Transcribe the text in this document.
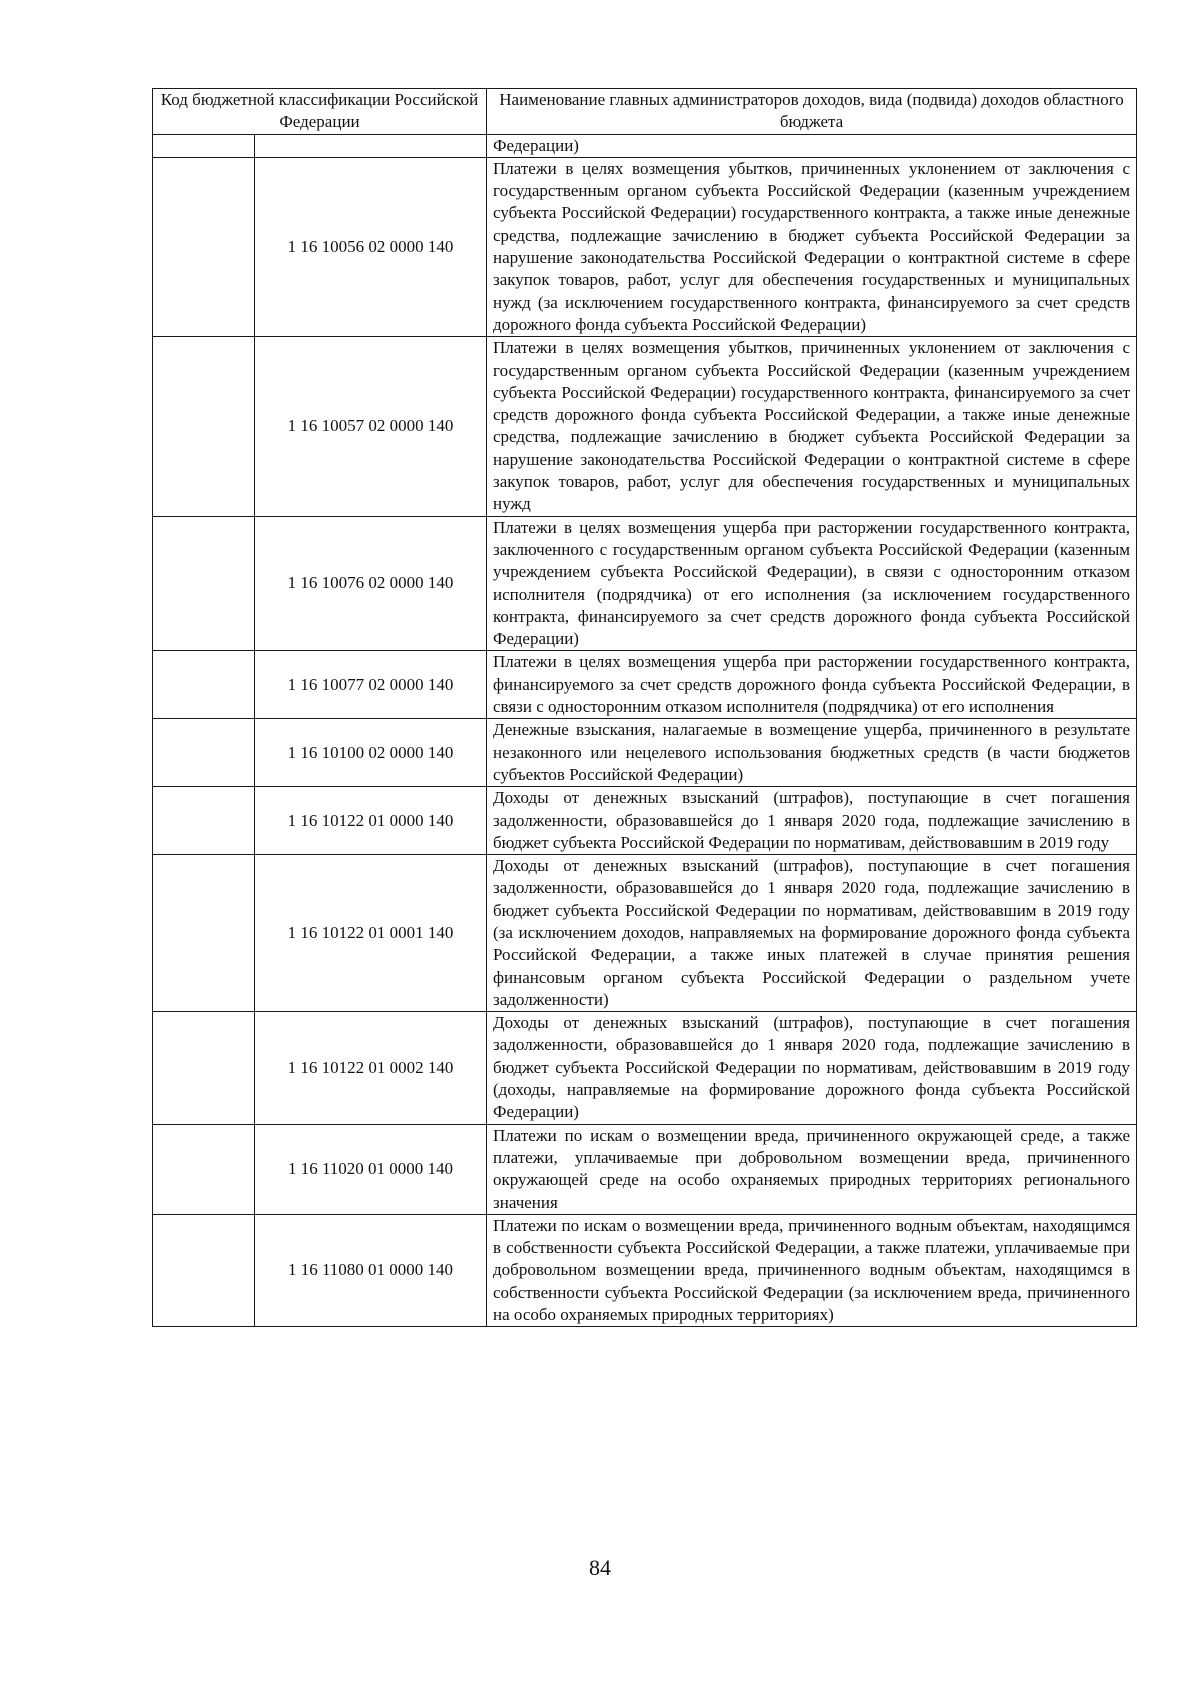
Код бюджетной классификации Российской Федерации		Наименование главных администраторов доходов, вида (подвида) доходов областного бюджета
		Федерации)
	1 16 10056 02 0000 140	Платежи в целях возмещения убытков, причиненных уклонением от заключения с государственным органом субъекта Российской Федерации (казенным учреждением субъекта Российской Федерации) государственного контракта, а также иные денежные средства, подлежащие зачислению в бюджет субъекта Российской Федерации за нарушение законодательства Российской Федерации о контрактной системе в сфере закупок товаров, работ, услуг для обеспечения государственных и муниципальных нужд (за исключением государственного контракта, финансируемого за счет средств дорожного фонда субъекта Российской Федерации)
	1 16 10057 02 0000 140	Платежи в целях возмещения убытков, причиненных уклонением от заключения с государственным органом субъекта Российской Федерации (казенным учреждением субъекта Российской Федерации) государственного контракта, финансируемого за счет средств дорожного фонда субъекта Российской Федерации, а также иные денежные средства, подлежащие зачислению в бюджет субъекта Российской Федерации за нарушение законодательства Российской Федерации о контрактной системе в сфере закупок товаров, работ, услуг для обеспечения государственных и муниципальных нужд
	1 16 10076 02 0000 140	Платежи в целях возмещения ущерба при расторжении государственного контракта, заключенного с государственным органом субъекта Российской Федерации (казенным учреждением субъекта Российской Федерации), в связи с односторонним отказом исполнителя (подрядчика) от его исполнения (за исключением государственного контракта, финансируемого за счет средств дорожного фонда субъекта Российской Федерации)
	1 16 10077 02 0000 140	Платежи в целях возмещения ущерба при расторжении государственного контракта, финансируемого за счет средств дорожного фонда субъекта Российской Федерации, в связи с односторонним отказом исполнителя (подрядчика) от его исполнения
	1 16 10100 02 0000 140	Денежные взыскания, налагаемые в возмещение ущерба, причиненного в результате незаконного или нецелевого использования бюджетных средств (в части бюджетов субъектов Российской Федерации)
	1 16 10122 01 0000 140	Доходы от денежных взысканий (штрафов), поступающие в счет погашения задолженности, образовавшейся до 1 января 2020 года, подлежащие зачислению в бюджет субъекта Российской Федерации по нормативам, действовавшим в 2019 году
	1 16 10122 01 0001 140	Доходы от денежных взысканий (штрафов), поступающие в счет погашения задолженности, образовавшейся до 1 января 2020 года, подлежащие зачислению в бюджет субъекта Российской Федерации по нормативам, действовавшим в 2019 году (за исключением доходов, направляемых на формирование дорожного фонда субъекта Российской Федерации, а также иных платежей в случае принятия решения финансовым органом субъекта Российской Федерации о раздельном учете задолженности)
	1 16 10122 01 0002 140	Доходы от денежных взысканий (штрафов), поступающие в счет погашения задолженности, образовавшейся до 1 января 2020 года, подлежащие зачислению в бюджет субъекта Российской Федерации по нормативам, действовавшим в 2019 году (доходы, направляемые на формирование дорожного фонда субъекта Российской Федерации)
	1 16 11020 01 0000 140	Платежи по искам о возмещении вреда, причиненного окружающей среде, а также платежи, уплачиваемые при добровольном возмещении вреда, причиненного окружающей среде на особо охраняемых природных территориях регионального значения
	1 16 11080 01 0000 140	Платежи по искам о возмещении вреда, причиненного водным объектам, находящимся в собственности субъекта Российской Федерации, а также платежи, уплачиваемые при добровольном возмещении вреда, причиненного водным объектам, находящимся в собственности субъекта Российской Федерации (за исключением вреда, причиненного на особо охраняемых природных территориях)
84
